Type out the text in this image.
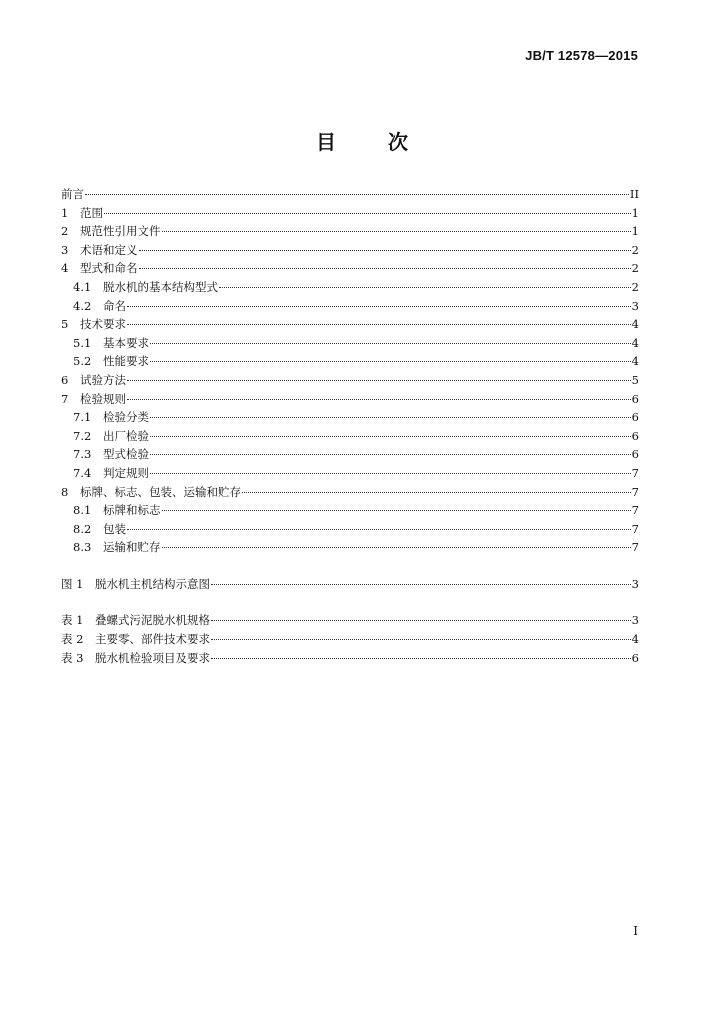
JB/T 12578—2015
目	次
前言	II
1	范围	1
2	规范性引用文件	1
3	术语和定义	2
4	型式和命名	2
4.1	脱水机的基本结构型式	2
4.2	命名	3
5	技术要求	4
5.1	基本要求	4
5.2	性能要求	4
6	试验方法	5
7	检验规则	6
7.1	检验分类	6
7.2	出厂检验	6
7.3	型式检验	6
7.4	判定规则	7
8	标牌、标志、包装、运输和贮存	7
8.1	标牌和标志	7
8.2	包装	7
8.3	运输和贮存	7
图 1	脱水机主机结构示意图	3
表 1	叠螺式污泥脱水机规格	3
表 2	主要零、部件技术要求	4
表 3	脱水机检验项目及要求	6
I
